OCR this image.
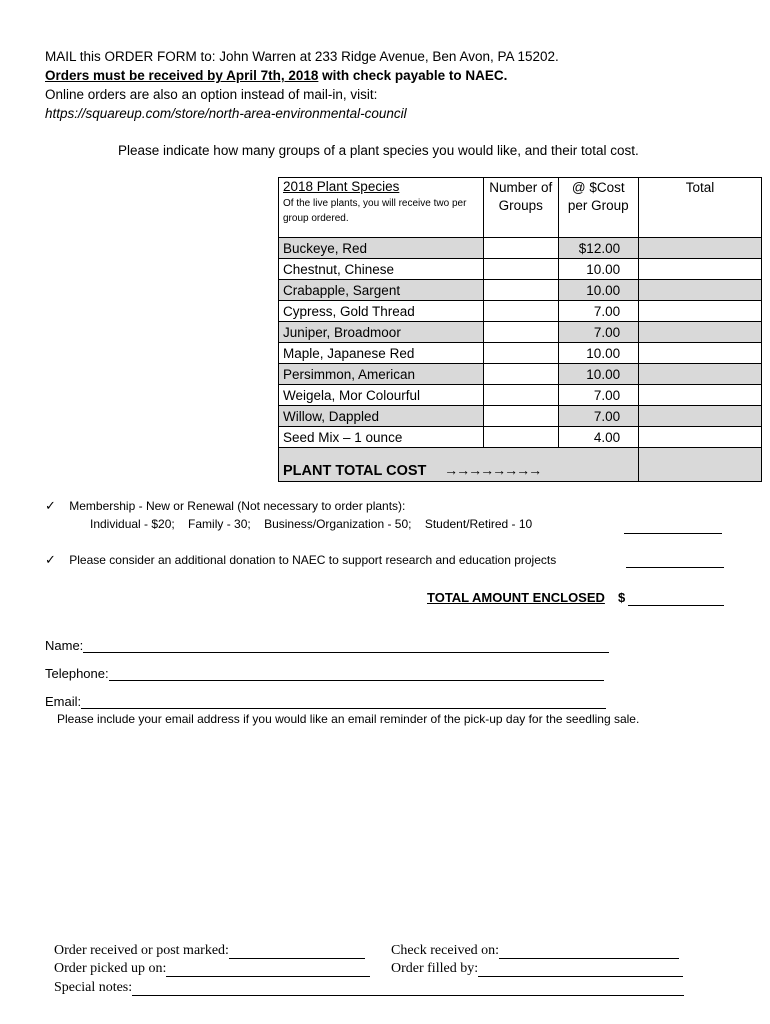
MAIL this ORDER FORM to: John Warren at 233 Ridge Avenue, Ben Avon, PA 15202.
Orders must be received by April 7th, 2018 with check payable to NAEC.
Online orders are also an option instead of mail-in, visit:
https://squareup.com/store/north-area-environmental-council
Please indicate how many groups of a plant species you would like, and their total cost.
2018 Plant Species
Of the live plants, you will receive two per group ordered.	Number of Groups	@ $Cost per Group	Total
Buckeye, Red		$12.00	
Chestnut, Chinese		10.00	
Crabapple, Sargent		10.00	
Cypress, Gold Thread		7.00	
Juniper, Broadmoor		7.00	
Maple, Japanese Red		10.00	
Persimmon, American		10.00	
Weigela, Mor Colourful		7.00	
Willow, Dappled		7.00	
Seed Mix – 1 ounce		4.00	
PLANT TOTAL COST →→→→→→→→			
✓ Membership - New or Renewal (Not necessary to order plants):
Individual - $20;    Family - 30;    Business/Organization - 50;    Student/Retired - 10
✓ Please consider an additional donation to NAEC to support research and education projects
TOTAL AMOUNT ENCLOSED $
Name:
Telephone:
Email:
Please include your email address if you would like an email reminder of the pick-up day for the seedling sale.
Order received or post marked:	Check received on:
Order picked up on:	Order filled by:
Special notes:
